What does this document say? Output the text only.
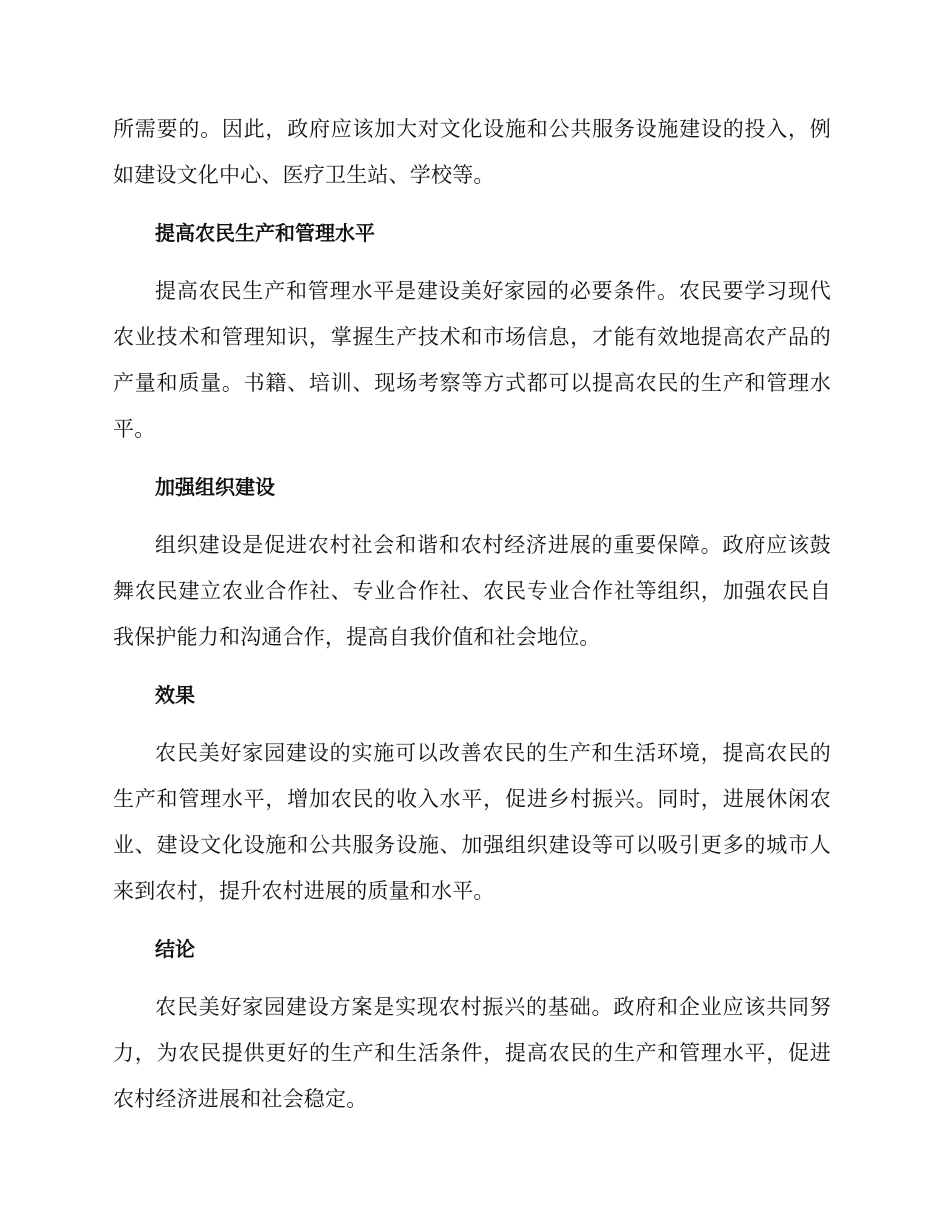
所需要的。因此，政府应该加大对文化设施和公共服务设施建设的投入，例如建设文化中心、医疗卫生站、学校等。

提高农民生产和管理水平

提高农民生产和管理水平是建设美好家园的必要条件。农民要学习现代农业技术和管理知识，掌握生产技术和市场信息，才能有效地提高农产品的产量和质量。书籍、培训、现场考察等方式都可以提高农民的生产和管理水平。

加强组织建设

组织建设是促进农村社会和谐和农村经济进展的重要保障。政府应该鼓舞农民建立农业合作社、专业合作社、农民专业合作社等组织，加强农民自我保护能力和沟通合作，提高自我价值和社会地位。

效果

农民美好家园建设的实施可以改善农民的生产和生活环境，提高农民的生产和管理水平，增加农民的收入水平，促进乡村振兴。同时，进展休闲农业、建设文化设施和公共服务设施、加强组织建设等可以吸引更多的城市人来到农村，提升农村进展的质量和水平。

结论

农民美好家园建设方案是实现农村振兴的基础。政府和企业应该共同努力，为农民提供更好的生产和生活条件，提高农民的生产和管理水平，促进农村经济进展和社会稳定。
